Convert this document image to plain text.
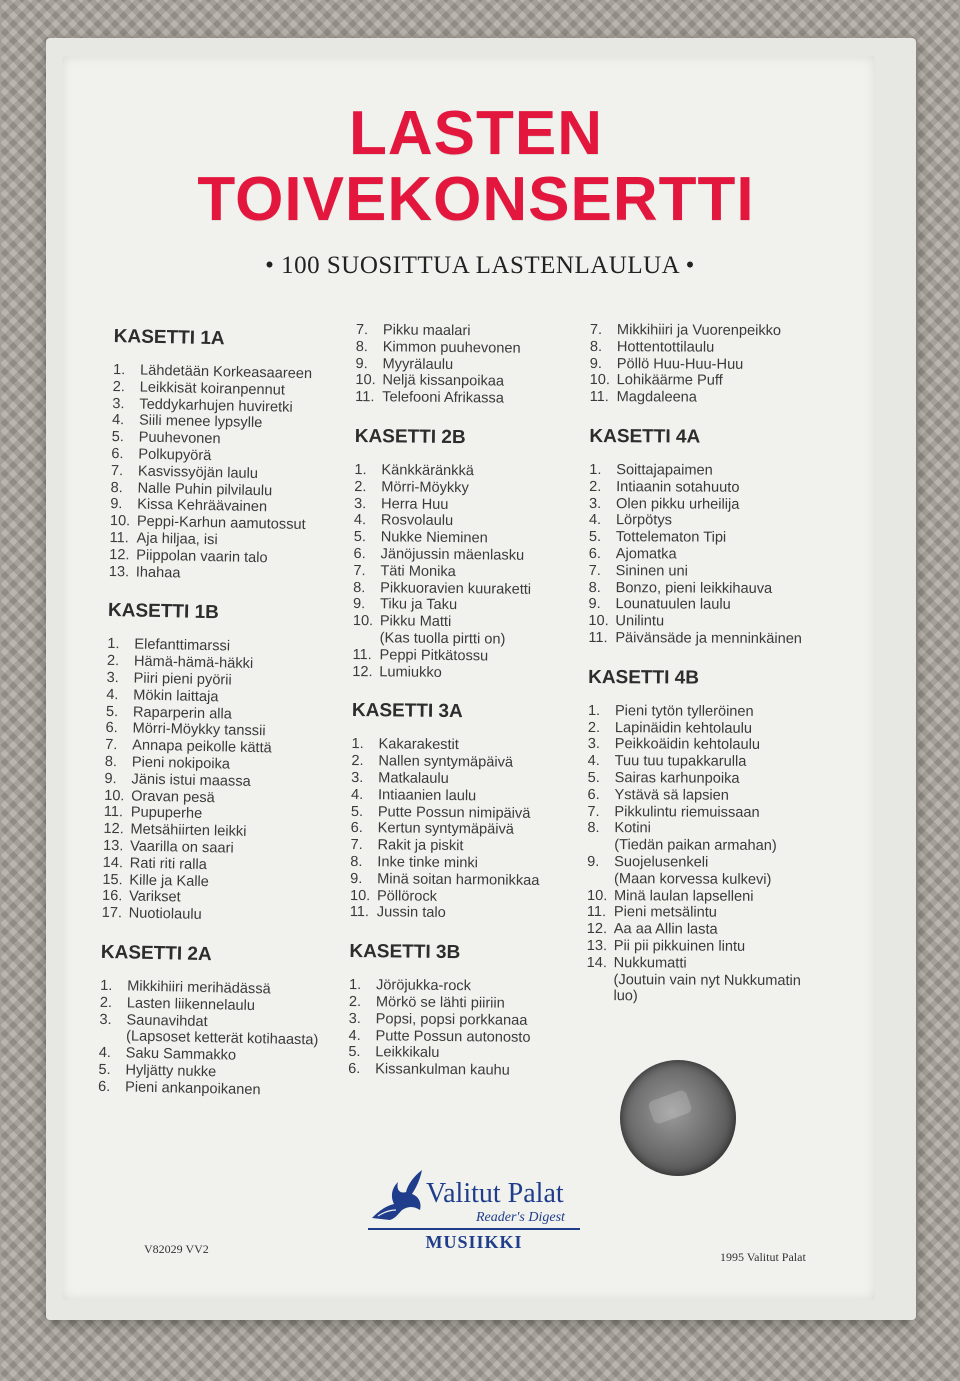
LASTEN
TOIVEKONSERTTI
• 100 SUOSITTUA LASTENLAULUA •
KASETTI 1A
1. Lähdetään Korkeasaareen
2. Leikkisät koiranpennut
3. Teddykarhujen huviretki
4. Siili menee lypsylle
5. Puuhevonen
6. Polkupyörä
7. Kasvissyöjän laulu
8. Nalle Puhin pilvilaulu
9. Kissa Kehräävainen
10. Peppi-Karhun aamutossut
11. Aja hiljaa, isi
12. Piippolan vaarin talo
13. Ihahaa
KASETTI 1B
1. Elefanttimarssi
2. Hämä-hämä-häkki
3. Piiri pieni pyörii
4. Mökin laittaja
5. Raparperin alla
6. Mörri-Möykky tanssii
7. Annapa peikolle kättä
8. Pieni nokipoika
9. Jänis istui maassa
10. Oravan pesä
11. Pupuperhe
12. Metsähiirten leikki
13. Vaarilla on saari
14. Rati riti ralla
15. Kille ja Kalle
16. Varikset
17. Nuotiolaulu
KASETTI 2A
1. Mikkihiiri merihädässä
2. Lasten liikennelaulu
3. Saunavihdat
(Lapsoset ketterät kotihaasta)
4. Saku Sammakko
5. Hyljätty nukke
6. Pieni ankanpoikanen
7. Pikku maalari
8. Kimmon puuhevonen
9. Myyrälaulu
10. Neljä kissanpoikaa
11. Telefooni Afrikassa
KASETTI 2B
1. Känkkäränkkä
2. Mörri-Möykky
3. Herra Huu
4. Rosvolaulu
5. Nukke Nieminen
6. Jänöjussin mäenlasku
7. Täti Monika
8. Pikkuoravien kuuraketti
9. Tiku ja Taku
10. Pikku Matti
(Kas tuolla pirtti on)
11. Peppi Pitkätossu
12. Lumiukko
KASETTI 3A
1. Kakarakestit
2. Nallen syntymäpäivä
3. Matkalaulu
4. Intiaanien laulu
5. Putte Possun nimipäivä
6. Kertun syntymäpäivä
7. Rakit ja piskit
8. Inke tinke minki
9. Minä soitan harmonikkaa
10. Pöllörock
11. Jussin talo
KASETTI 3B
1. Jöröjukka-rock
2. Mörkö se lähti piiriin
3. Popsi, popsi porkkanaa
4. Putte Possun autonosto
5. Leikkikalu
6. Kissankulman kauhu
7. Mikkihiiri ja Vuorenpeikko
8. Hottentottilaulu
9. Pöllö Huu-Huu-Huu
10. Lohikäärme Puff
11. Magdaleena
KASETTI 4A
1. Soittajapaimen
2. Intiaanin sotahuuto
3. Olen pikku urheilija
4. Lörpötys
5. Tottelematon Tipi
6. Ajomatka
7. Sininen uni
8. Bonzo, pieni leikkihauva
9. Lounatuulen laulu
10. Unilintu
11. Päivänsäde ja menninkäinen
KASETTI 4B
1. Pieni tytön tylleröinen
2. Lapinäidin kehtolaulu
3. Peikkoäidin kehtolaulu
4. Tuu tuu tupakkarulla
5. Sairas karhunpoika
6. Ystävä sä lapsien
7. Pikkulintu riemuissaan
8. Kotini
(Tiedän paikan armahan)
9. Suojelusenkeli
(Maan korvessa kulkevi)
10. Minä laulan lapselleni
11. Pieni metsälintu
12. Aa aa Allin lasta
13. Pii pii pikkuinen lintu
14. Nukkumatti
(Joutuin vain nyt Nukkumatin
luo)
Valitut Palat
Reader's Digest
MUSIIKKI
V82029 VV2
1995 Valitut Palat
